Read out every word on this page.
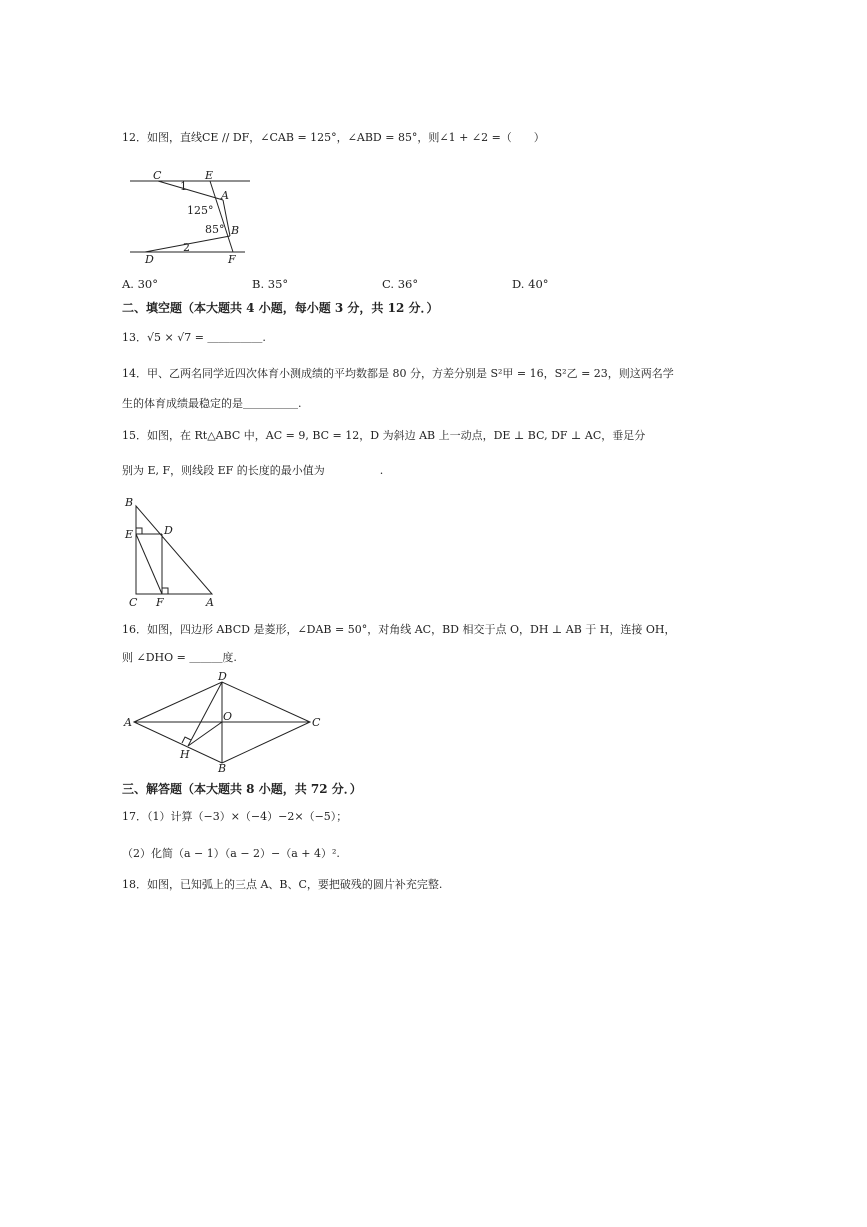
12．如图，直线CE // DF，∠CAB = 125°，∠ABD = 85°，则∠1 + ∠2 =（　　）
C	E
A
B
D	F
1
2
125°
85°
A. 30°	B. 35°	C. 36°	D. 40°
二、填空题（本大题共 4 小题，每小题 3 分，共 12 分．）
13．√5 × √7 = ＿＿＿＿＿.
14．甲、乙两名同学近四次体育小测成绩的平均数都是 80 分，方差分别是 S²甲 = 16，S²乙 = 23，则这两名学
生的体育成绩最稳定的是＿＿＿＿＿.
15．如图，在 Rt△ABC 中，AC = 9, BC = 12，D 为斜边 AB 上一动点，DE ⊥ BC, DF ⊥ AC，垂足分
别为 E, F，则线段 EF 的长度的最小值为　　　　　.
B
E	D
C F	A
16．如图，四边形 ABCD 是菱形，∠DAB = 50°，对角线 AC，BD 相交于点 O，DH ⊥ AB 于 H，连接 OH，
则 ∠DHO = ＿＿＿度.
A
B
C
D
O
H
三、解答题（本大题共 8 小题，共 72 分．）
17．（1）计算（−3）×（−4）−2×（−5）；
（2）化简（a − 1）（a − 2）−（a + 4）².
18．如图，已知弧上的三点 A、B、C，要把破残的圆片补充完整.
